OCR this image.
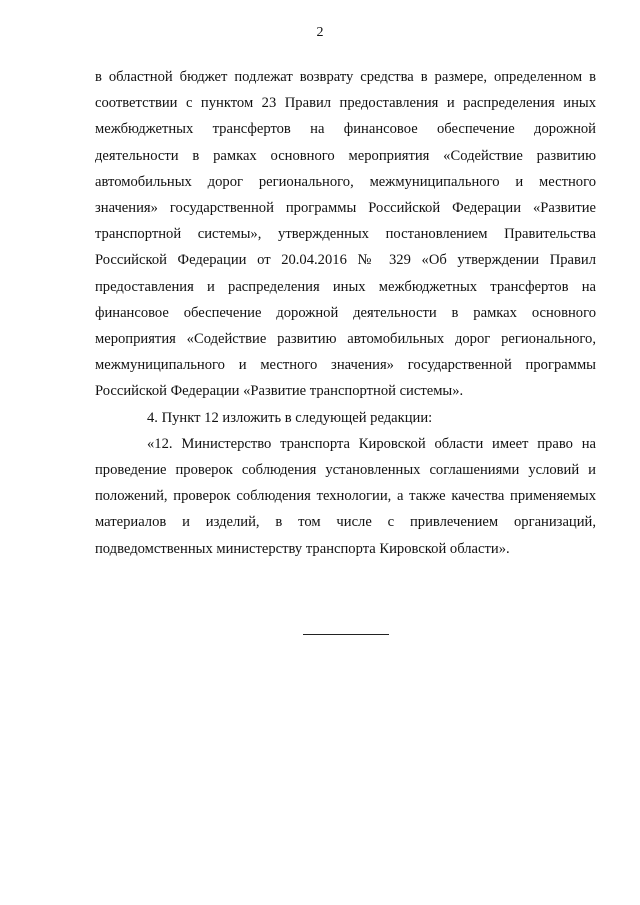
2

в областной бюджет подлежат возврату средства в размере, определенном в соответствии с пунктом 23 Правил предоставления и распределения иных межбюджетных трансфертов на финансовое обеспечение дорожной деятельности в рамках основного мероприятия «Содействие развитию автомобильных дорог регионального, межмуниципального и местного значения» государственной программы Российской Федерации «Развитие транспортной системы», утвержденных постановлением Правительства Российской Федерации от 20.04.2016 № 329 «Об утверждении Правил предоставления и распределения иных межбюджетных трансфертов на финансовое обеспечение дорожной деятельности в рамках основного мероприятия «Содействие развитию автомобильных дорог регионального, межмуниципального и местного значения» государственной программы Российской Федерации «Развитие транспортной системы».

4. Пункт 12 изложить в следующей редакции:

«12. Министерство транспорта Кировской области имеет право на проведение проверок соблюдения установленных соглашениями условий и положений, проверок соблюдения технологии, а также качества применяемых материалов и изделий, в том числе с привлечением организаций, подведомственных министерству транспорта Кировской области».
